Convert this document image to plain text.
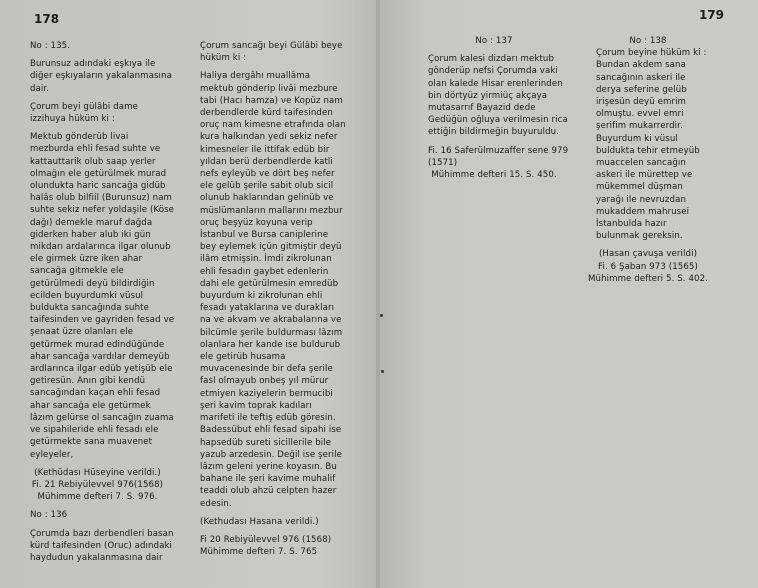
178

No : 135.

Burunsuz adındaki eşkıya ile diğer eşkıyaların yakalanmasına dair.

Çorum beyi gülâbi dame izzihuya hüküm ki :

Mektub gönderüb livai mezburda ehli fesad suhte ve kattauttarik olub saap yerler olmağın ele getürülmek murad olundukta haric sancağa gidüb halâs olub bilfiil (Burunsuz) nam suhte sekiz nefer yoldaşile (Köse dağı) demekle maruf dağda giderken haber alub iki gün mikdarı ardalarınca ilgar olunub ele girmek üzre iken ahar sancağa gitmekle ele getürülmedi deyü bildirdiğin ecilden buyurdumki vüsul buldukta sancağında suhte taifesinden ve gayriden fesad ve şenaat üzre olanları ele getürmek murad edindüğünde ahar sancağa vardılar demeyüb ardlarınca ilgar edüb yetişüb ele getiresün. Anın gibi kendü sancağından kaçan ehli fesad ahar sancağa ele getürmek lâzım gelürse ol sancağın zuama ve sipahileride ehli fesadı ele getürmekte sana muavenet eyleyeler,

(Kethüdası Hüseyine verildi.)

Fi. 21 Rebiyülevvel 976(1568)

Mühimme defteri 7. S. 976.

No : 136

Çorumda bazı derbendleri basan kürd taifesinden (Oruc) adındaki haydudun yakalanmasına dair

Çorum sancağı beyi Gülâbi beye hüküm ki :

Haliya dergâhı muallâma mektub gönderip livâi mezbure tabi (Hacı hamza) ve Kopüz nam derbendlerde kürd taifesinden oruç nam kimesne etrafında olan kura halkından yedi sekiz nefer kimesneler ile ittifak edüb bir yıldan berü derbendlerde katli nefs eyleyüb ve dört beş nefer ele gelüb şerile sabit olub sicil olunub haklarından gelinüb ve müslümanların mallarını mezbur oruç beşyüz koyuna verip İstanbul ve Bursa caniplerine bey eylemek içün gitmiştir deyü ilâm etmişsin. İmdi zikrolunan ehli fesadın gaybet edenlerin dahi ele getürülmesin emredüb buyurdum ki zikrolunan ehli fesadı yataklarına ve durakları na ve akvam ve akrabalarına ve bilcümle şerile buldurması lâzım olanlara her kande ise buldurub ele getirüb husama muvacenesinde bir defa şerile fasl olmayub onbeş yıl mürur etmiyen kaziyelerin bermucibi şeri kavim toprak kadıları marifeti ile teftiş edüb göresin. Badessübut ehli fesad sipahi ise hapsedüb sureti sicillerile bile yazub arzedesin. Değil ise şerile lâzım geleni yerine koyasın. Bu bahane ile şeri kavime muhalif teaddi olub ahzü celpten hazer edesin.

(Kethudası Hasana verildi.)

Fi 20 Rebiyülevvel 976 (1568)

Mühimme defteri 7. S. 765

179

No : 137

Çorum kalesi dizdarı mektub gönderüp nefsi Çorumda vaki olan kalede Hisar erenlerinden bin dörtyüz yirmiüç akçaya mutasarrıf Bayazid dede Gedüğün oğluya verilmesin rica ettiğin bildirmeğin buyuruldu.

Fi. 16 Saferülmuzaffer sene 979 (1571)

Mühimme defteri 15. S. 450.

No : 138

Çorum beyine hüküm ki :

Bundan akdem sana sancağının askeri ile derya seferine gelüb irişesün deyü emrim olmuştu. evvel emri şerifim mukarrerdir. Buyurdum ki vüsul buldukta tehir etmeyüb muaccelen sancağın askeri ile mürettep ve mükemmel düşman yarağı ile nevruzdan mukaddem mahrusei İstanbulda hazır bulunmak gereksin.

(Hasan çavuşa verildi)

Fi. 6 Şaban 973 (1565)

Mühimme defteri 5. S. 402.
